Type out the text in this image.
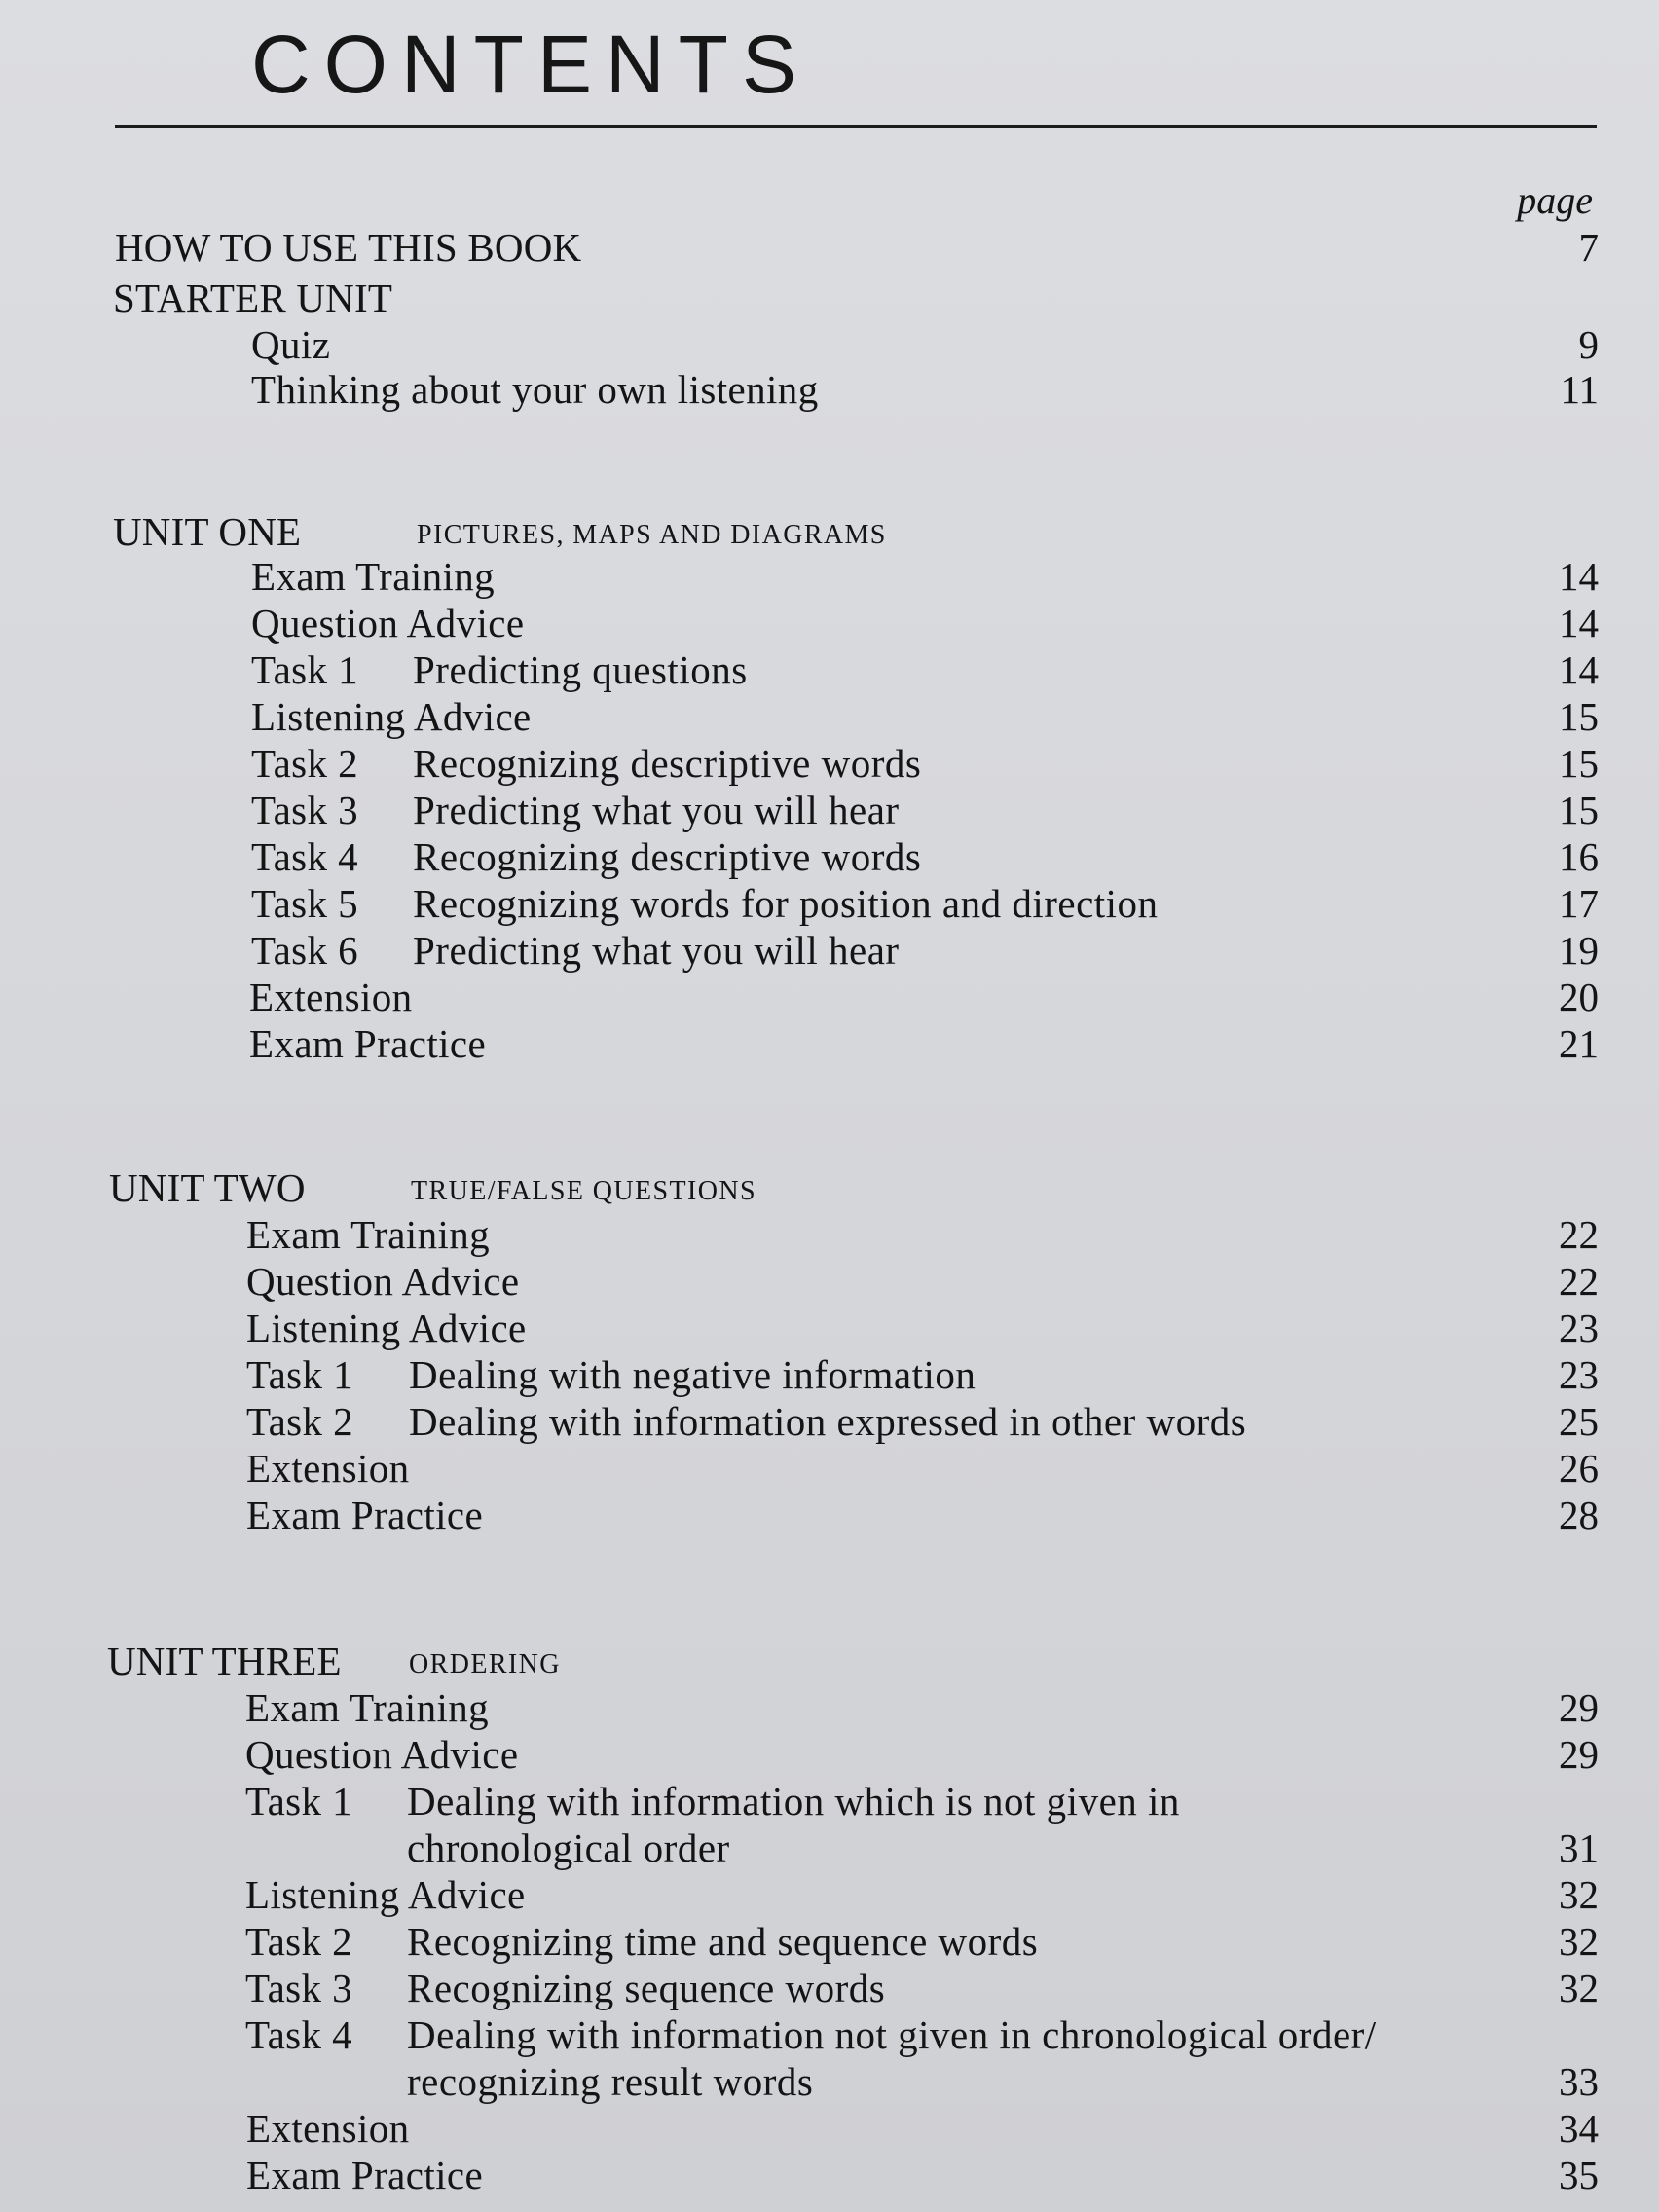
CONTENTS
page
HOW TO USE THIS BOOK	7
STARTER UNIT
Quiz	9
Thinking about your own listening	11
UNIT ONE	PICTURES, MAPS AND DIAGRAMS
Exam Training	14
Question Advice	14
Task 1 Predicting questions	14
Listening Advice	15
Task 2 Recognizing descriptive words	15
Task 3 Predicting what you will hear	15
Task 4 Recognizing descriptive words	16
Task 5 Recognizing words for position and direction	17
Task 6 Predicting what you will hear	19
Extension	20
Exam Practice	21
UNIT TWO	TRUE/FALSE QUESTIONS
Exam Training	22
Question Advice	22
Listening Advice	23
Task 1 Dealing with negative information	23
Task 2 Dealing with information expressed in other words	25
Extension	26
Exam Practice	28
UNIT THREE ORDERING
Exam Training	29
Question Advice	29
Task 1 Dealing with information which is not given in
chronological order	31
Listening Advice	32
Task 2 Recognizing time and sequence words	32
Task 3 Recognizing sequence words	32
Task 4 Dealing with information not given in chronological order/
recognizing result words	33
Extension	34
Exam Practice	35
